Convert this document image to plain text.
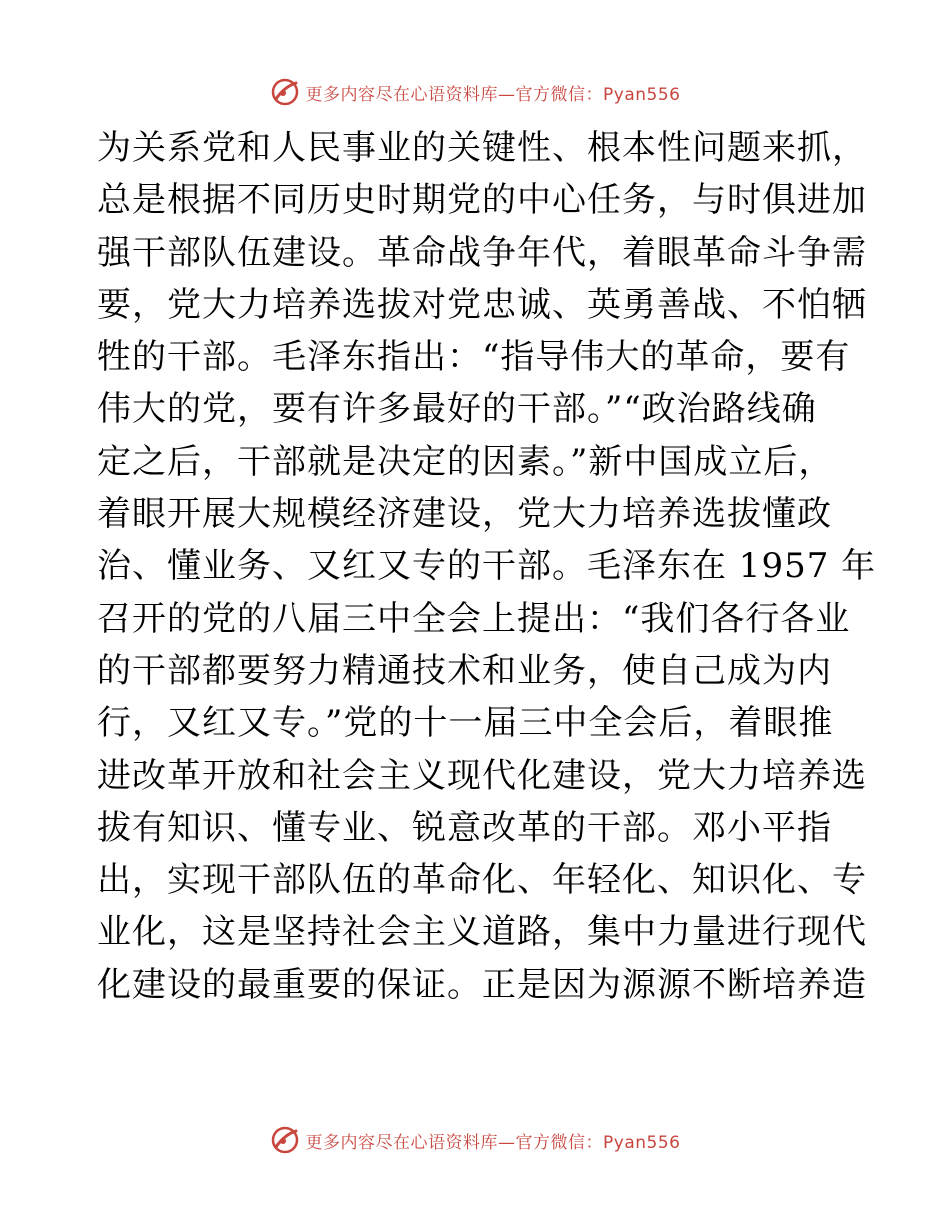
更多内容尽在心语资料库—官方微信：Pyan556
为关系党和人民事业的关键性、根本性问题来抓，
总是根据不同历史时期党的中心任务，与时俱进加
强干部队伍建设。革命战争年代，着眼革命斗争需
要，党大力培养选拔对党忠诚、英勇善战、不怕牺
牲的干部。毛泽东指出：“指导伟大的革命，要有
伟大的党，要有许多最好的干部。”“政治路线确
定之后，干部就是决定的因素。”新中国成立后，
着眼开展大规模经济建设，党大力培养选拔懂政
治、懂业务、又红又专的干部。毛泽东在 1957 年
召开的党的八届三中全会上提出：“我们各行各业
的干部都要努力精通技术和业务，使自己成为内
行，又红又专。”党的十一届三中全会后，着眼推
进改革开放和社会主义现代化建设，党大力培养选
拔有知识、懂专业、锐意改革的干部。邓小平指
出，实现干部队伍的革命化、年轻化、知识化、专
业化，这是坚持社会主义道路，集中力量进行现代
化建设的最重要的保证。正是因为源源不断培养造
更多内容尽在心语资料库—官方微信：Pyan556
